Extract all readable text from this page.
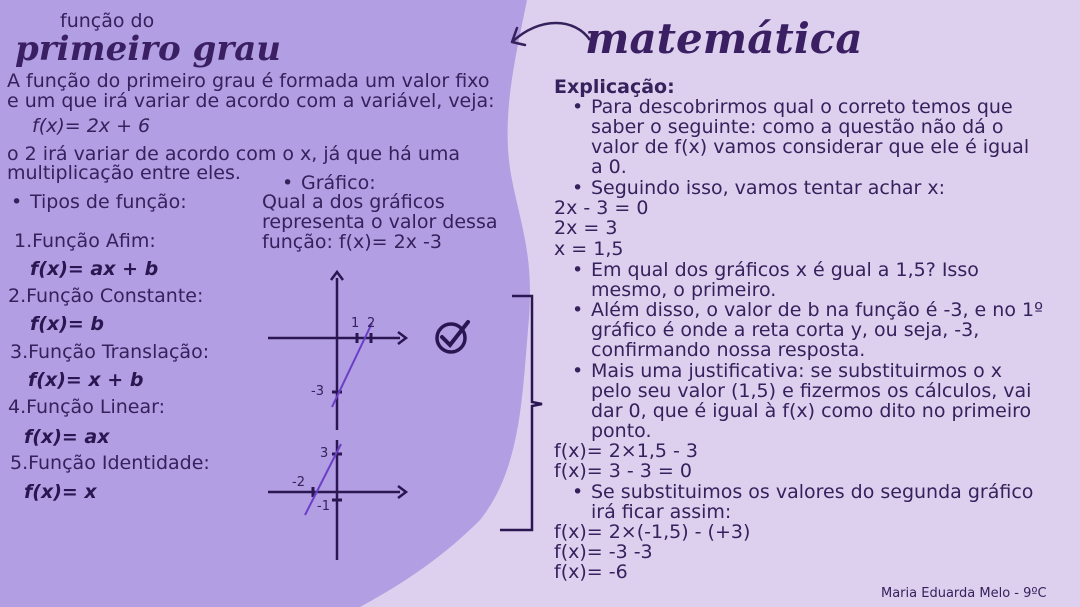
função do
primeiro grau
A função do primeiro grau é formada um valor fixo
e um que irá variar de acordo com a variável, veja:
f(x)= 2x + 6
o 2 irá variar de acordo com o x, já que há uma
multiplicação entre eles.
• Tipos de função:
1.Função Afim:
f(x)= ax + b
2.Função Constante:
f(x)= b
3.Função Translação:
f(x)= x + b
4.Função Linear:
f(x)= ax
5.Função Identidade:
f(x)= x
• Gráfico:
Qual a dos gráficos
representa o valor dessa
função: f(x)= 2x -3
1 2
-3
3
-2
-1
matemática
Explicação:
• Para descobrirmos qual o correto temos que
saber o seguinte: como a questão não dá o
valor de f(x) vamos considerar que ele é igual
a 0.
• Seguindo isso, vamos tentar achar x:
2x - 3 = 0
2x = 3
x = 1,5
• Em qual dos gráficos x é gual a 1,5? Isso
mesmo, o primeiro.
• Além disso, o valor de b na função é -3, e no 1º
gráfico é onde a reta corta y, ou seja, -3,
confirmando nossa resposta.
• Mais uma justificativa: se substituirmos o x
pelo seu valor (1,5) e fizermos os cálculos, vai
dar 0, que é igual à f(x) como dito no primeiro
ponto.
f(x)= 2×1,5 - 3
f(x)= 3 - 3 = 0
• Se substituimos os valores do segunda gráfico
irá ficar assim:
f(x)= 2×(-1,5) - (+3)
f(x)= -3 -3
f(x)= -6
Maria Eduarda Melo - 9ºC
